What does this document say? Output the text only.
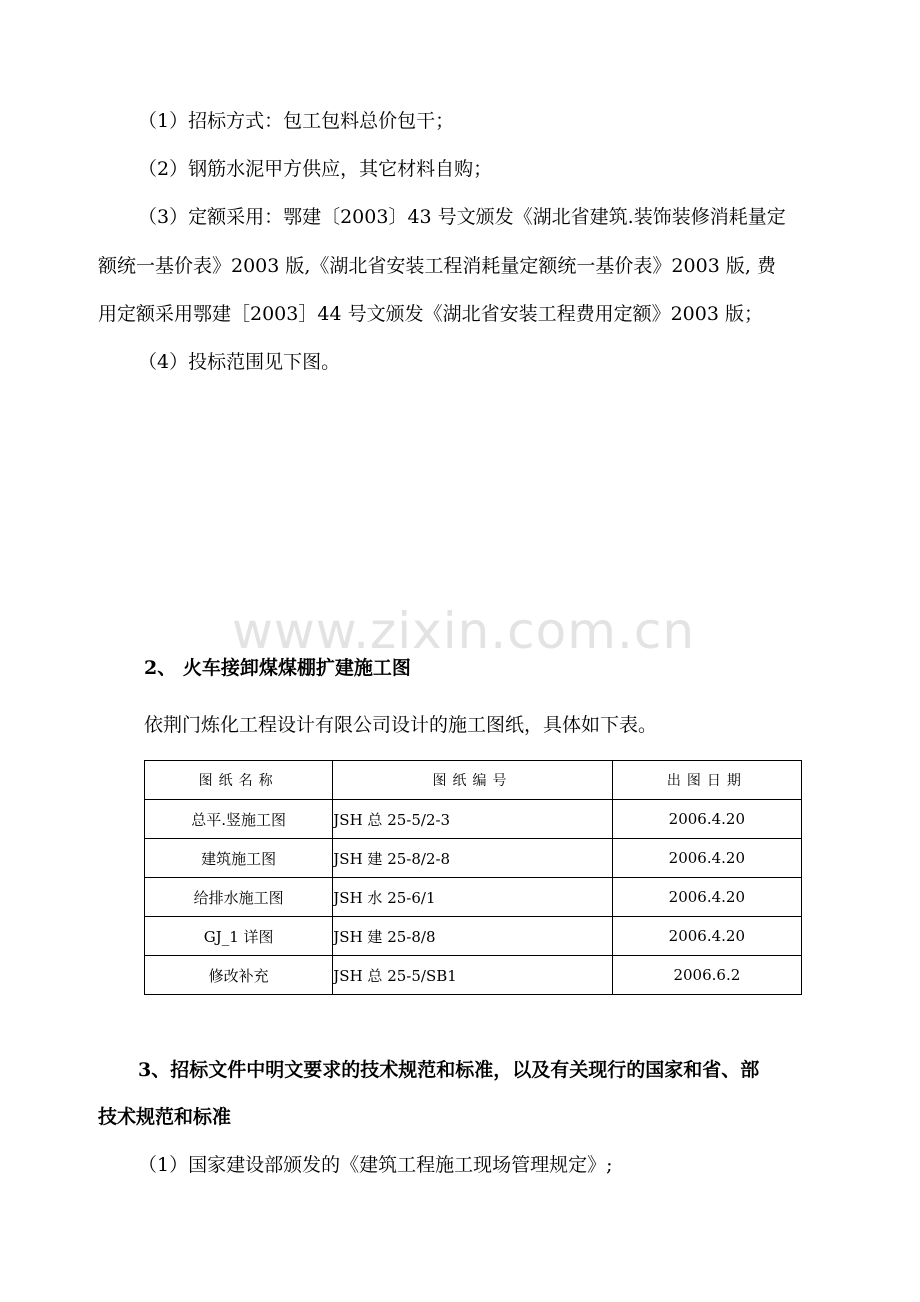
www.zixin.com.cn
（1）招标方式：包工包料总价包干；
（2）钢筋水泥甲方供应，其它材料自购；
（3）定额采用：鄂建〔2003〕43 号文颁发《湖北省建筑.装饰装修消耗量定
额统一基价表》2003 版,《湖北省安装工程消耗量定额统一基价表》2003 版, 费
用定额采用鄂建［2003］44 号文颁发《湖北省安装工程费用定额》2003 版；
（4）投标范围见下图。
2、 火车接卸煤煤棚扩建施工图
依荆门炼化工程设计有限公司设计的施工图纸，具体如下表。
图纸名称	图纸编号	出图日期
总平.竖施工图	JSH 总 25-5/2-3	2006.4.20
建筑施工图	JSH 建 25-8/2-8	2006.4.20
给排水施工图	JSH 水 25-6/1	2006.4.20
GJ_1 详图	JSH 建 25-8/8	2006.4.20
修改补充	JSH 总 25-5/SB1	2006.6.2
3、招标文件中明文要求的技术规范和标准，以及有关现行的国家和省、部
技术规范和标准
（1）国家建设部颁发的《建筑工程施工现场管理规定》;
